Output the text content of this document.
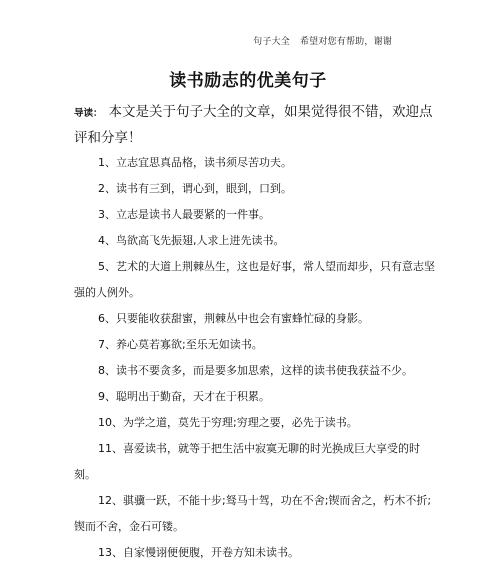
句子大全 希望对您有帮助，谢谢
读书励志的优美句子
导读： 本文是关于句子大全的文章，如果觉得很不错，欢迎点评和分享！
1、立志宜思真品格，读书须尽苦功夫。
2、读书有三到，谓心到，眼到，口到。
3、立志是读书人最要紧的一件事。
4、鸟欲高飞先振翅,人求上进先读书。
5、艺术的大道上荆棘丛生，这也是好事，常人望而却步，只有意志坚强的人例外。
6、只要能收获甜蜜，荆棘丛中也会有蜜蜂忙碌的身影。
7、养心莫若寡欲;至乐无如读书。
8、读书不要贪多，而是要多加思索，这样的读书使我获益不少。
9、聪明出于勤奋，天才在于积累。
10、为学之道，莫先于穷理;穷理之要，必先于读书。
11、喜爱读书，就等于把生活中寂寞无聊的时光换成巨大享受的时刻。
12、骐骥一跃，不能十步;驽马十驾，功在不舍;锲而舍之，朽木不折;锲而不舍，金石可镂。
13、自家慢诩便便腹，开卷方知未读书。
